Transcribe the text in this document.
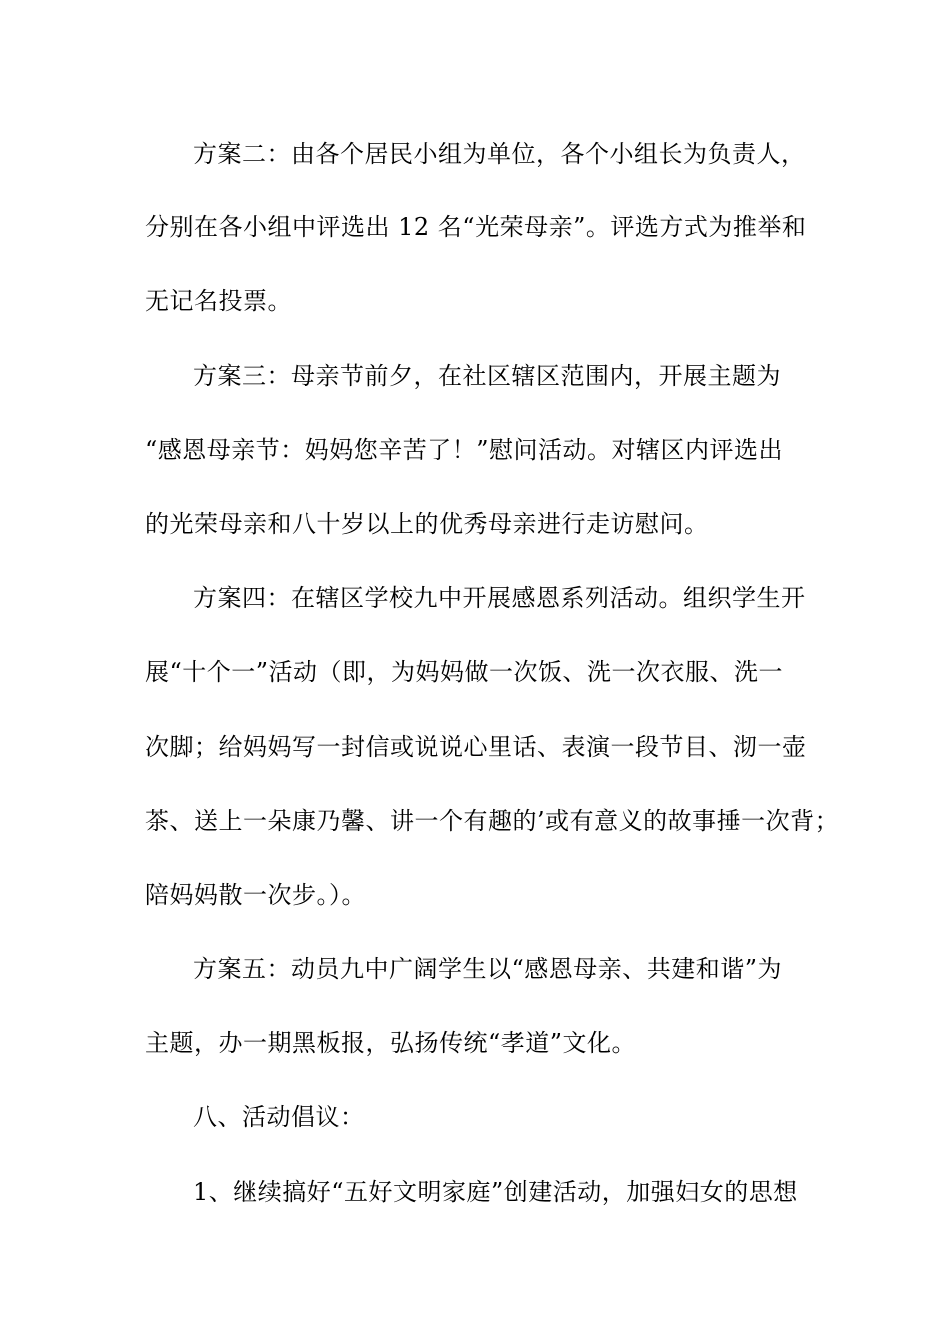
方案二：由各个居民小组为单位，各个小组长为负责人，
分别在各小组中评选出 12 名“光荣母亲”。评选方式为推举和
无记名投票。
方案三：母亲节前夕，在社区辖区范围内，开展主题为
“感恩母亲节：妈妈您辛苦了！”慰问活动。对辖区内评选出
的光荣母亲和八十岁以上的优秀母亲进行走访慰问。
方案四：在辖区学校九中开展感恩系列活动。组织学生开
展“十个一”活动（即，为妈妈做一次饭、洗一次衣服、洗一
次脚；给妈妈写一封信或说说心里话、表演一段节目、沏一壶
茶、送上一朵康乃馨、讲一个有趣的’或有意义的故事捶一次背；
陪妈妈散一次步。）。
方案五：动员九中广阔学生以“感恩母亲、共建和谐”为
主题，办一期黑板报，弘扬传统“孝道”文化。
八、活动倡议：
1、继续搞好“五好文明家庭”创建活动，加强妇女的思想
